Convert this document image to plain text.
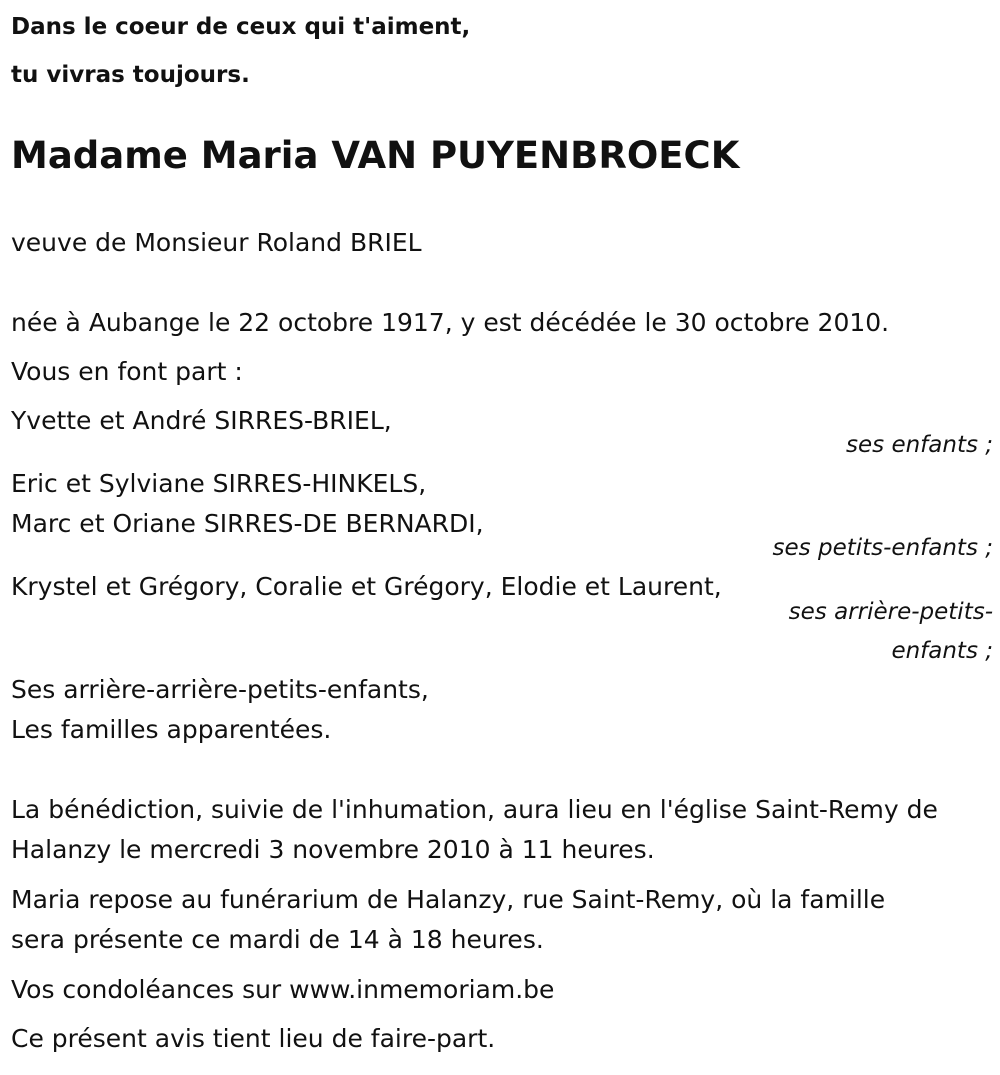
Dans le coeur de ceux qui t'aiment,
tu vivras toujours.
Madame Maria VAN PUYENBROECK
veuve de Monsieur Roland BRIEL
née à Aubange le 22 octobre 1917, y est décédée le 30 octobre 2010.
Vous en font part :
Yvette et André SIRRES-BRIEL,
ses enfants ;
Eric et Sylviane SIRRES-HINKELS,
Marc et Oriane SIRRES-DE BERNARDI,
ses petits-enfants ;
Krystel et Grégory, Coralie et Grégory, Elodie et Laurent,
ses arrière-petits-
enfants ;
Ses arrière-arrière-petits-enfants,
Les familles apparentées.
La bénédiction, suivie de l'inhumation, aura lieu en l'église Saint-Remy de
Halanzy le mercredi 3 novembre 2010 à 11 heures.
Maria repose au funérarium de Halanzy, rue Saint-Remy, où la famille
sera présente ce mardi de 14 à 18 heures.
Vos condoléances sur www.inmemoriam.be
Ce présent avis tient lieu de faire-part.
